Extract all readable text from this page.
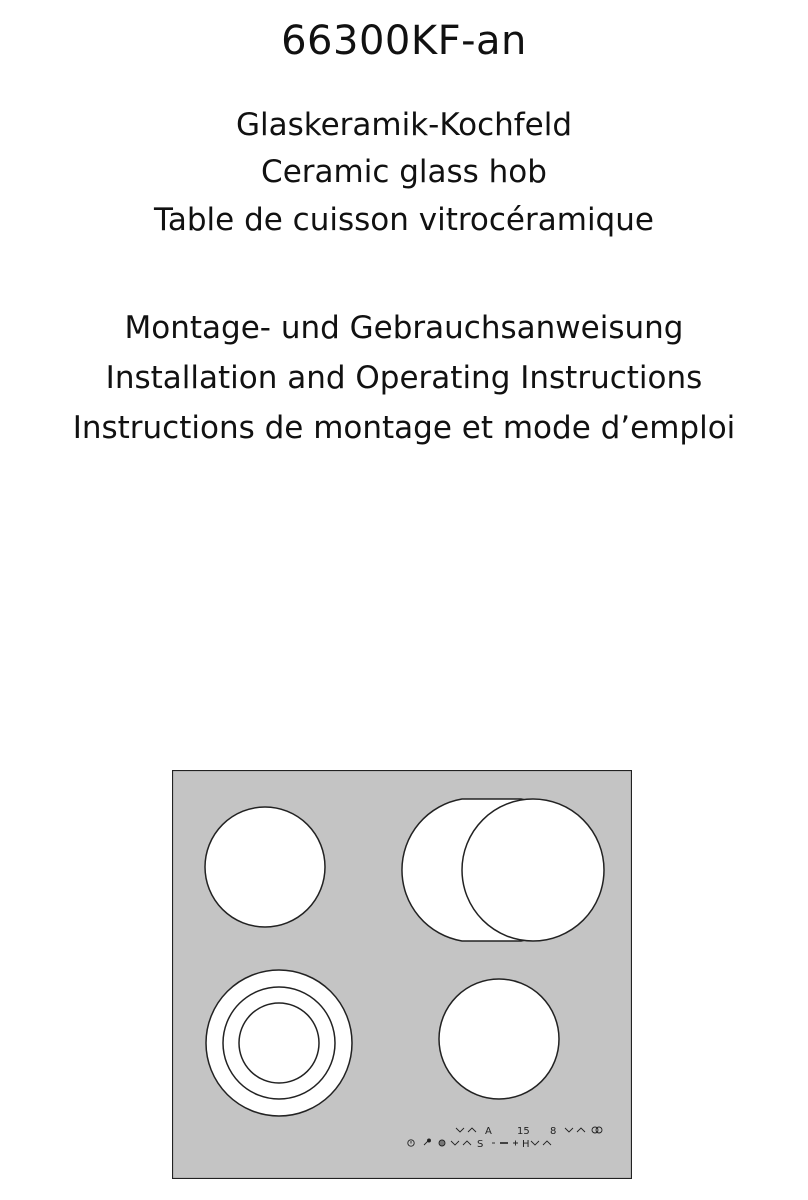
66300KF-an

Glaskeramik-Kochfeld

Ceramic glass hob

Table de cuisson vitrocéramique

Montage- und Gebrauchsanweisung

Installation and Operating Instructions

Instructions de montage et mode d’emploi

A	15 8
S	H
